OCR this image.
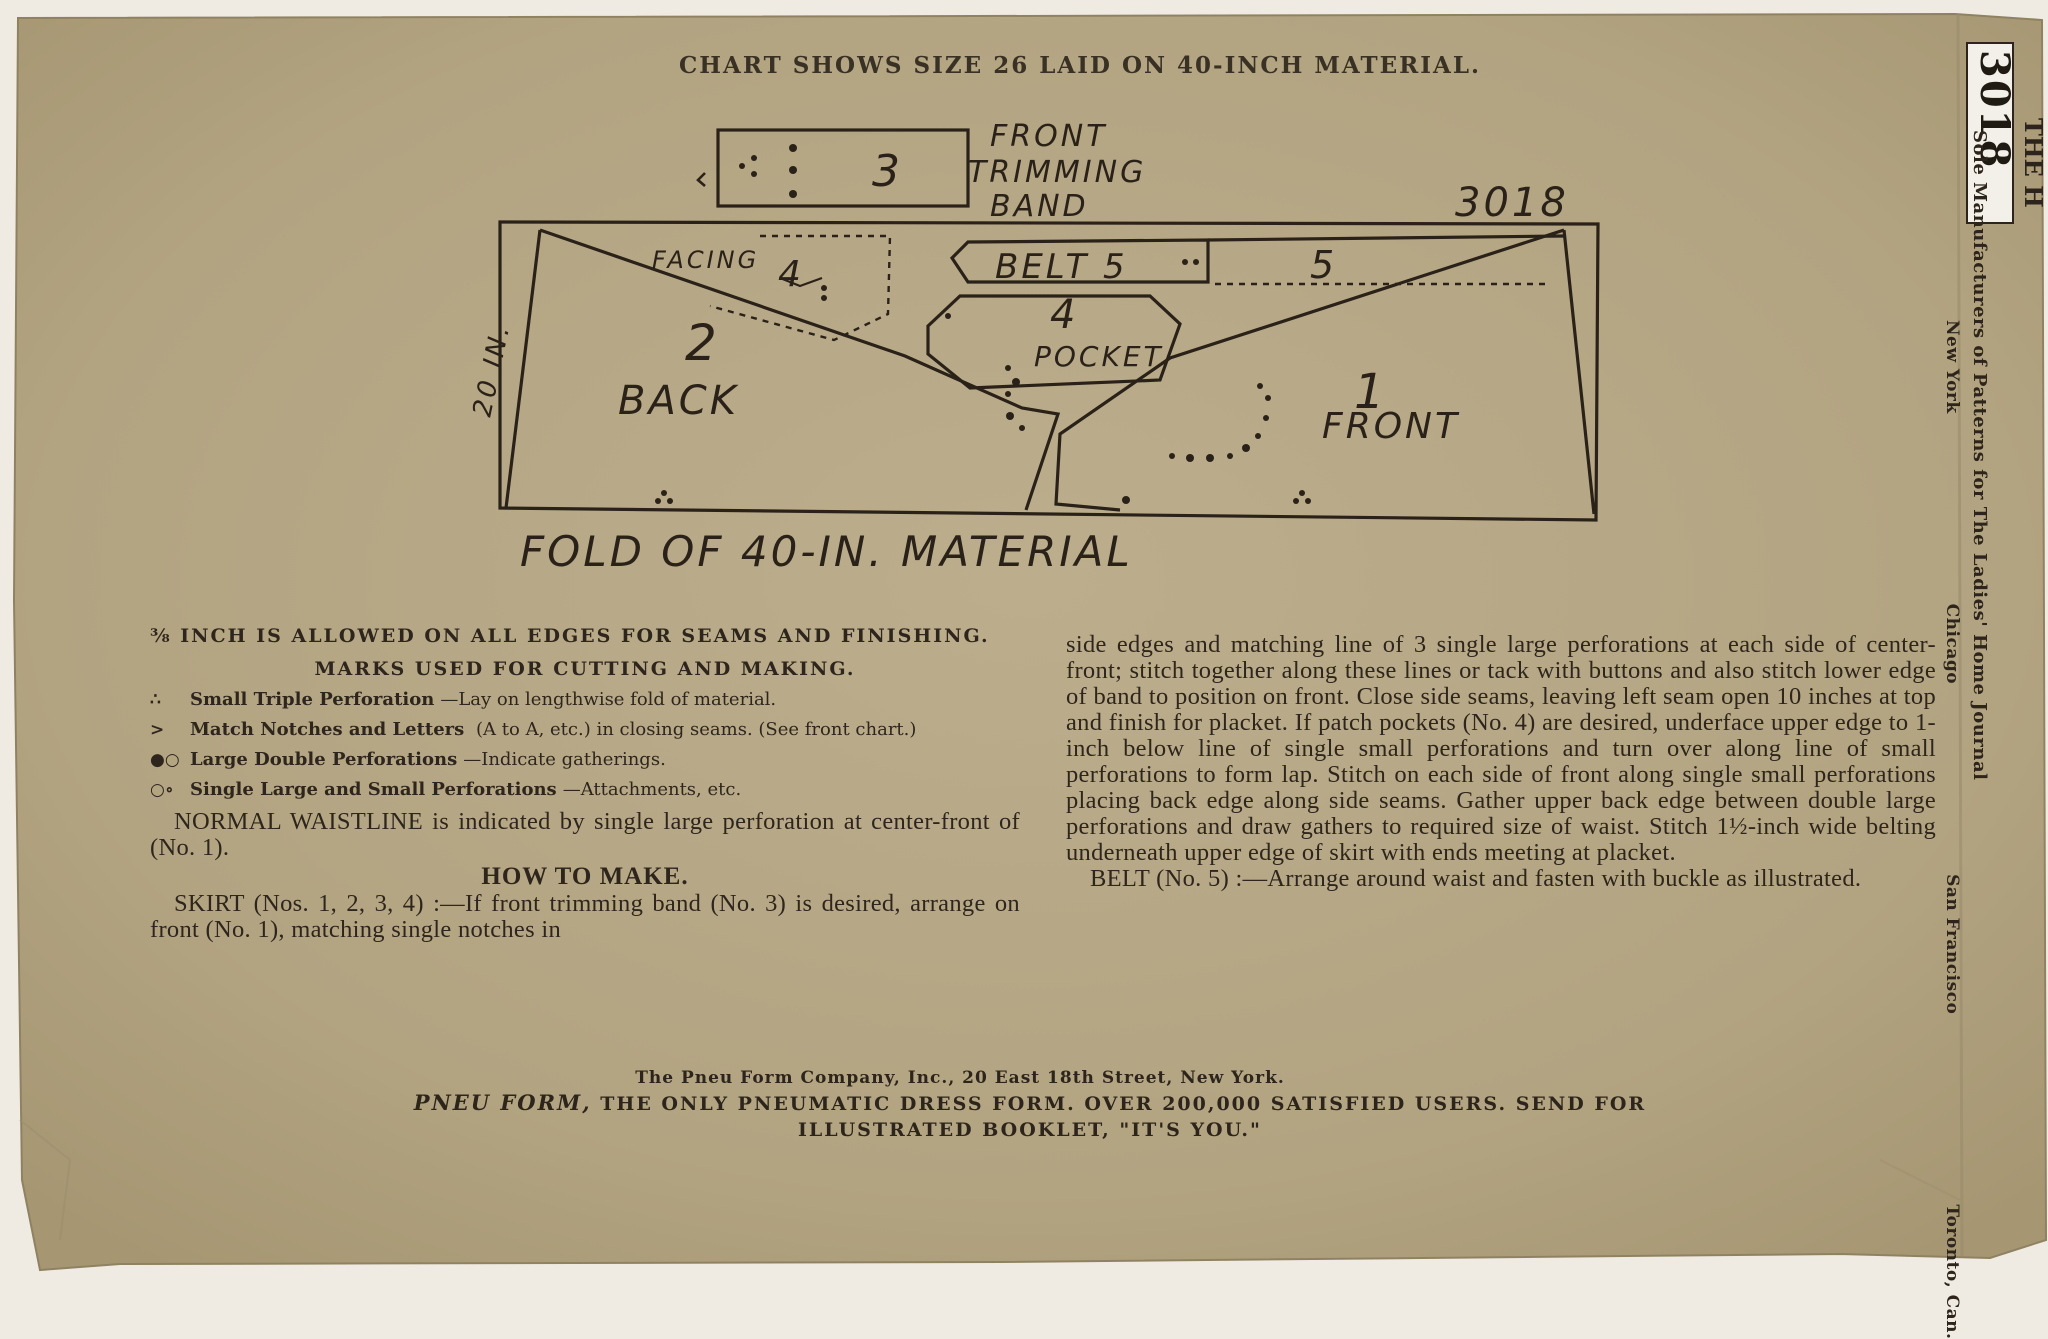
CHART SHOWS SIZE 26 LAID ON 40-INCH MATERIAL.
3
FRONT
TRIMMING
BAND	3018
FACING 4	BELT 5	5
4
POCKET
2
BACK	1
FRONT
20 IN.
FOLD OF 40-IN. MATERIAL
⅜ INCH IS ALLOWED ON ALL EDGES FOR SEAMS AND FINISHING.
MARKS USED FOR CUTTING AND MAKING.
∴	Small Triple Perforation —Lay on lengthwise fold of material.
>	Match Notches and Letters (A to A, etc.) in closing seams. (See front chart.)
●○ Large Double Perforations —Indicate gatherings.
○∘ Single Large and Small Perforations —Attachments, etc.
NORMAL WAISTLINE is indicated by single large perforation at center-front of (No. 1).
HOW TO MAKE.
SKIRT (Nos. 1, 2, 3, 4) :—If front trimming band (No. 3) is desired, arrange on front (No. 1), matching single notches in
side edges and matching line of 3 single large perforations at each side of center-front; stitch together along these lines or tack with buttons and also stitch lower edge of band to position on front. Close side seams, leaving left seam open 10 inches at top and finish for placket. If patch pockets (No. 4) are desired, underface upper edge to 1-inch below line of single small perforations and turn over along line of small perforations to form lap. Stitch on each side of front along single small perforations placing back edge along side seams. Gather upper back edge between double large perforations and draw gathers to required size of waist. Stitch 1½-inch wide belting underneath upper edge of skirt with ends meeting at placket.
BELT (No. 5) :—Arrange around waist and fasten with buckle as illustrated.
The Pneu Form Company, Inc., 20 East 18th Street, New York.
PNEU FORM, THE ONLY PNEUMATIC DRESS FORM. OVER 200,000 SATISFIED USERS. SEND FOR
ILLUSTRATED BOOKLET, "IT'S YOU."
3018 THE H
Sole Manufacturers of Patterns for The Ladies' Home Journal
New York
Chicago
San Francisco
Toronto, Can.
